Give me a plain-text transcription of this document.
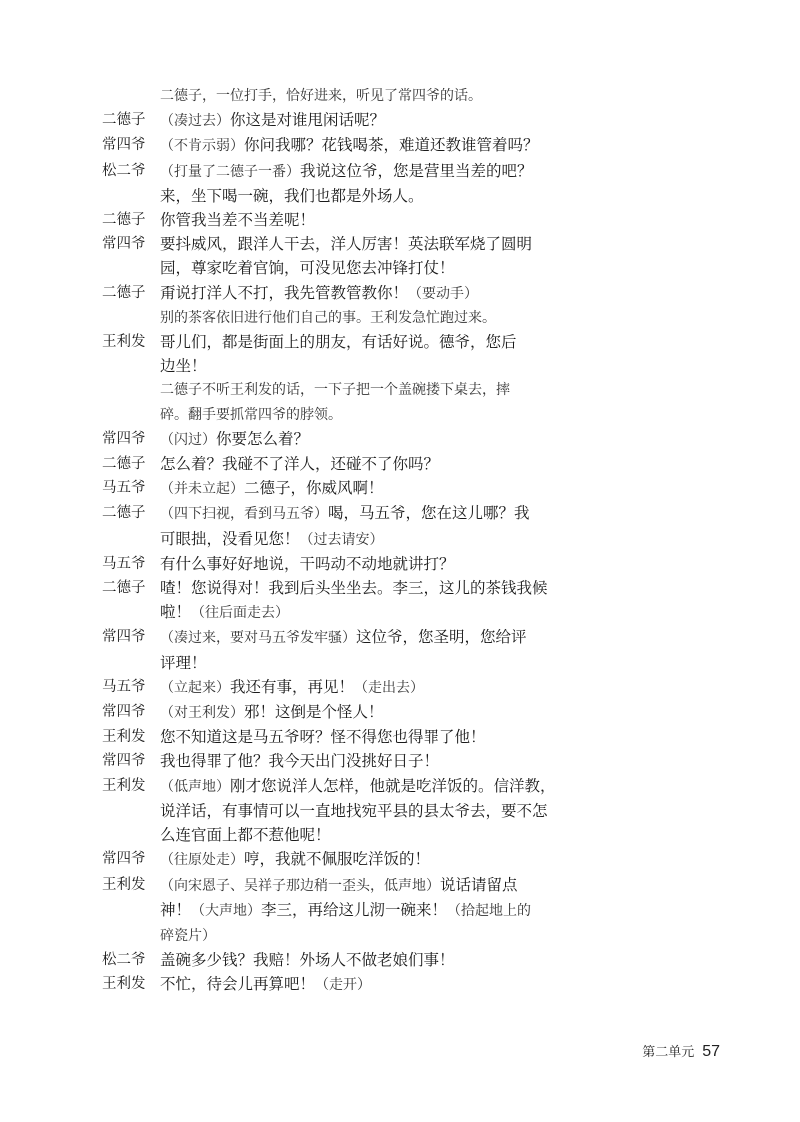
二德子，一位打手，恰好进来，听见了常四爷的话。
二德子	（凑过去）你这是对谁甩闲话呢？
常四爷	（不肯示弱）你问我哪？花钱喝茶，难道还教谁管着吗？
松二爷	（打量了二德子一番）我说这位爷，您是营里当差的吧？
来，坐下喝一碗，我们也都是外场人。
二德子 你管我当差不当差呢！
常四爷 要抖威风，跟洋人干去，洋人厉害！英法联军烧了圆明
园，尊家吃着官饷，可没见您去冲锋打仗！
二德子 甭说打洋人不打，我先管教管教你！（要动手）
别的茶客依旧进行他们自己的事。王利发急忙跑过来。
王利发 哥儿们，都是街面上的朋友，有话好说。德爷，您后
边坐！
二德子不听王利发的话，一下子把一个盖碗搂下桌去，摔
碎。翻手要抓常四爷的脖领。
常四爷	（闪过）你要怎么着？
二德子 怎么着？我碰不了洋人，还碰不了你吗？
马五爷	（并未立起）二德子，你威风啊！
二德子	（四下扫视，看到马五爷）喝，马五爷，您在这儿哪？我
可眼拙，没看见您！（过去请安）
马五爷 有什么事好好地说，干吗动不动地就讲打？
二德子 喳！您说得对！我到后头坐坐去。李三，这儿的茶钱我候
啦！（往后面走去）
常四爷	（凑过来，要对马五爷发牢骚）这位爷，您圣明，您给评
评理！
马五爷	（立起来）我还有事，再见！（走出去）
常四爷	（对王利发）邪！这倒是个怪人！
王利发 您不知道这是马五爷呀？怪不得您也得罪了他！
常四爷 我也得罪了他？我今天出门没挑好日子！
王利发	（低声地）刚才您说洋人怎样，他就是吃洋饭的。信洋教，
说洋话，有事情可以一直地找宛平县的县太爷去，要不怎
么连官面上都不惹他呢！
常四爷	（往原处走）哼，我就不佩服吃洋饭的！
王利发	（向宋恩子、吴祥子那边稍一歪头，低声地）说话请留点
神！（大声地）李三，再给这儿沏一碗来！（拾起地上的
碎瓷片）
松二爷 盖碗多少钱？我赔！外场人不做老娘们事！
王利发 不忙，待会儿再算吧！（走开）
第二单元 57
